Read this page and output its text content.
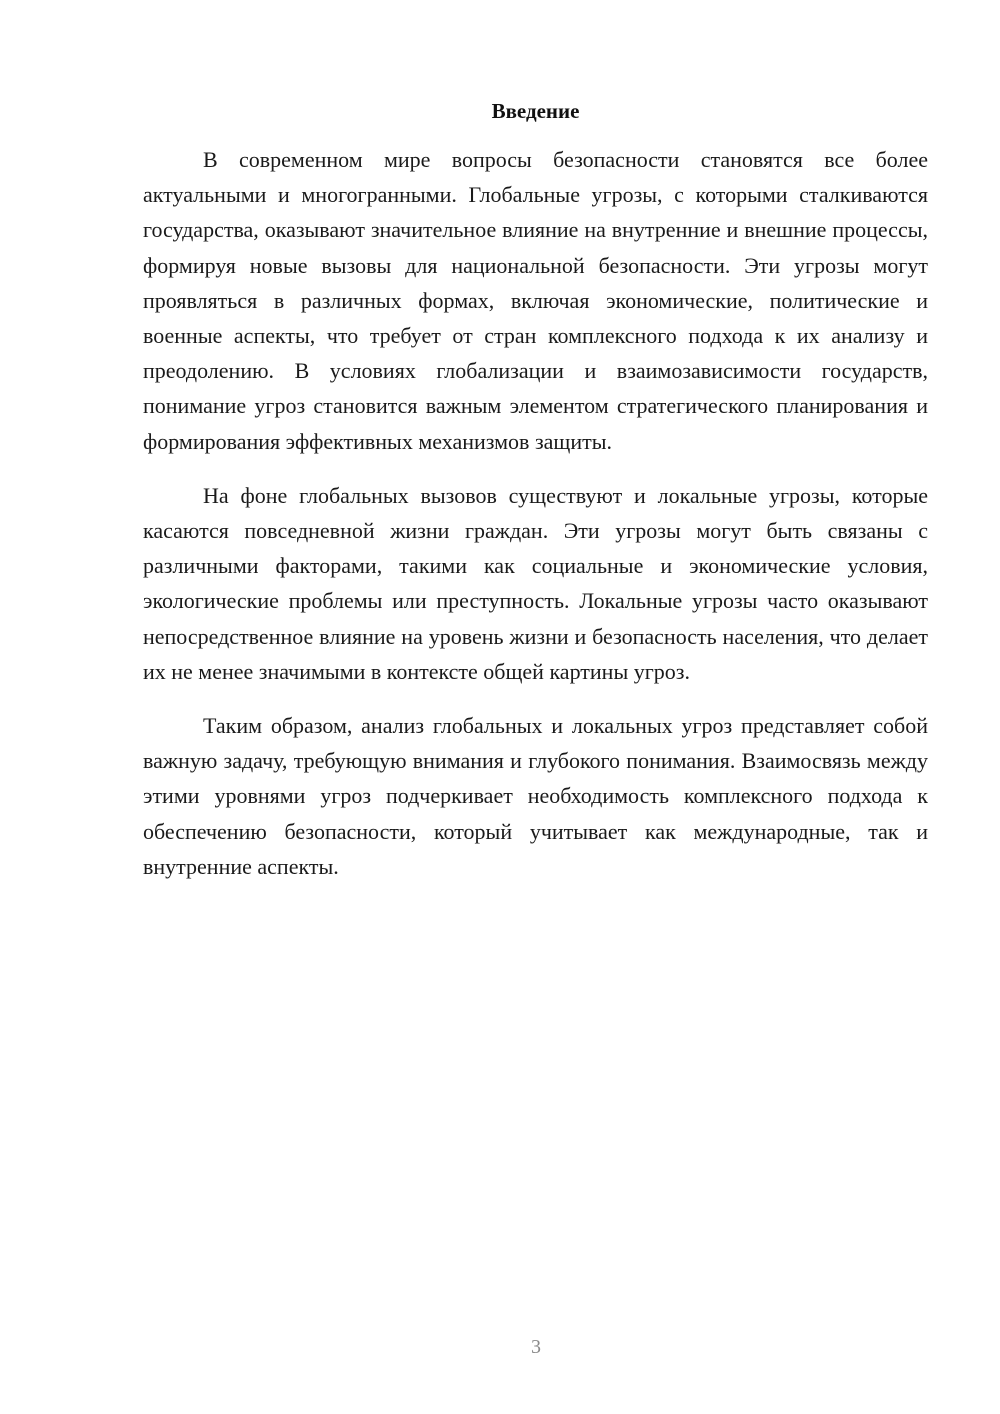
Введение

В современном мире вопросы безопасности становятся все более актуальными и многогранными. Глобальные угрозы, с которыми сталкиваются государства, оказывают значительное влияние на внутренние и внешние процессы, формируя новые вызовы для национальной безопасности. Эти угрозы могут проявляться в различных формах, включая экономические, политические и военные аспекты, что требует от стран комплексного подхода к их анализу и преодолению. В условиях глобализации и взаимозависимости государств, понимание угроз становится важным элементом стратегического планирования и формирования эффективных механизмов защиты.

На фоне глобальных вызовов существуют и локальные угрозы, которые касаются повседневной жизни граждан. Эти угрозы могут быть связаны с различными факторами, такими как социальные и экономические условия, экологические проблемы или преступность. Локальные угрозы часто оказывают непосредственное влияние на уровень жизни и безопасность населения, что делает их не менее значимыми в контексте общей картины угроз.

Таким образом, анализ глобальных и локальных угроз представляет собой важную задачу, требующую внимания и глубокого понимания. Взаимосвязь между этими уровнями угроз подчеркивает необходимость комплексного подхода к обеспечению безопасности, который учитывает как международные, так и внутренние аспекты.

3
